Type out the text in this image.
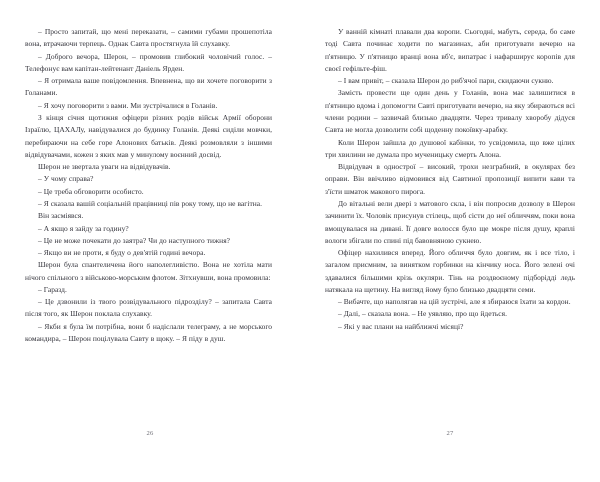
– Просто запитай, що мені переказати, – самими губами прошепотіла вона, втрачаючи терпець. Однак Савта простягнула їй слухавку.

– Доброго вечора, Шерон, – промовив глибокий чоловічий голос. – Телефонує вам капітан-лейтенант Даніель Ярден.

– Я отримала ваше повідомлення. Впевнена, що ви хочете поговорити з Голанами.

– Я хочу поговорити з вами. Ми зустрічалися в Голанів.

З кінця січня щотижня офіцери різних родів військ Армії оборони Ізраїлю, ЦАХАЛу, навідувалися до будинку Голанів. Деякі сиділи мовчки, перебираючи на себе горе Алонових батьків. Деякі розмовляли з іншими відвідувачами, кожен з яких мав у минулому воєнний досвід.

Шерон не звертала уваги на відвідувачів.

– У чому справа?

– Це треба обговорити особисто.

– Я сказала вашій соціальній працівниці пів року тому, що не вагітна.

Він засміявся.

– А якщо я зайду за годину?

– Це не може почекати до заятра? Чи до наступного тижня?

– Якщо ви не проти, я буду о дев'ятій годині вечора.

Шерон була спантеличена його наполегливістю. Вона не хотіла мати нічого спільного з військово-морським флотом. Зітхнувши, вона промовила:

– Гаразд.

– Це дзвонили із твого розвідувального підрозділу? – запитала Савта після того, як Шерон поклала слухавку.

– Якби я була їм потрібна, вони б надіслали телеграму, а не морського командира, – Шерон поцілувала Савту в щоку. – Я піду в душ.

26

У ванній кімнаті плавали два коропи. Сьогодні, мабуть, середа, бо саме тоді Савта починає ходити по магазинах, аби приготувати вечерю на п'ятницю. У п'ятницю вранці вона вб'є, випатрає і нафарширує коропів для своєї гефільте-фіш.

– І вам привіт, – сказала Шерон до риб'ячої пари, скидаючи сукню.

Замість провести ще один день у Голанів, вона має залишитися в п'ятницю вдома і допомогти Савті приготувати вечерю, на яку збираються всі члени родини – зазвичай близько двадцяти. Через тривалу хворобу дідуся Савта не могла дозволити собі щоденну покоївку-арабку.

Коли Шерон зайшла до душової кабінки, то усвідомила, що вже цілих три хвилини не думала про мученицьку смерть Алона.

Відвідувач в однострої – високий, трохи незграбний, в окулярах без оправи. Він ввічливо відмовився від Савтиної пропозиції випити кави та з'їсти шматок макового пирога.

До вітальні вели двері з матового скла, і він попросив дозволу в Шерон зачинити їх. Чоловік присунув стілець, щоб сісти до неї обличчям, поки вона вмощувалася на дивані. Її довге волосся було ще мокре після душу, краплі вологи збігали по спині під бавовняною сукнею.

Офіцер нахилився вперед. Його обличчя було довгим, як і все тіло, і загалом присмним, за винятком горбинки на кінчику носа. Його зелені очі здавалися більшими крізь окуляри. Тінь на роздвоєному підборідді ледь натякала на щетину. На вигляд йому було близько двадцяти семи.

– Вибачте, що наполягав на цій зустрічі, але я збираюся їхати за кордон.

– Далі, – сказала вона. – Не уявляю, про що йдеться.

– Які у вас плани на найближчі місяці?

27
